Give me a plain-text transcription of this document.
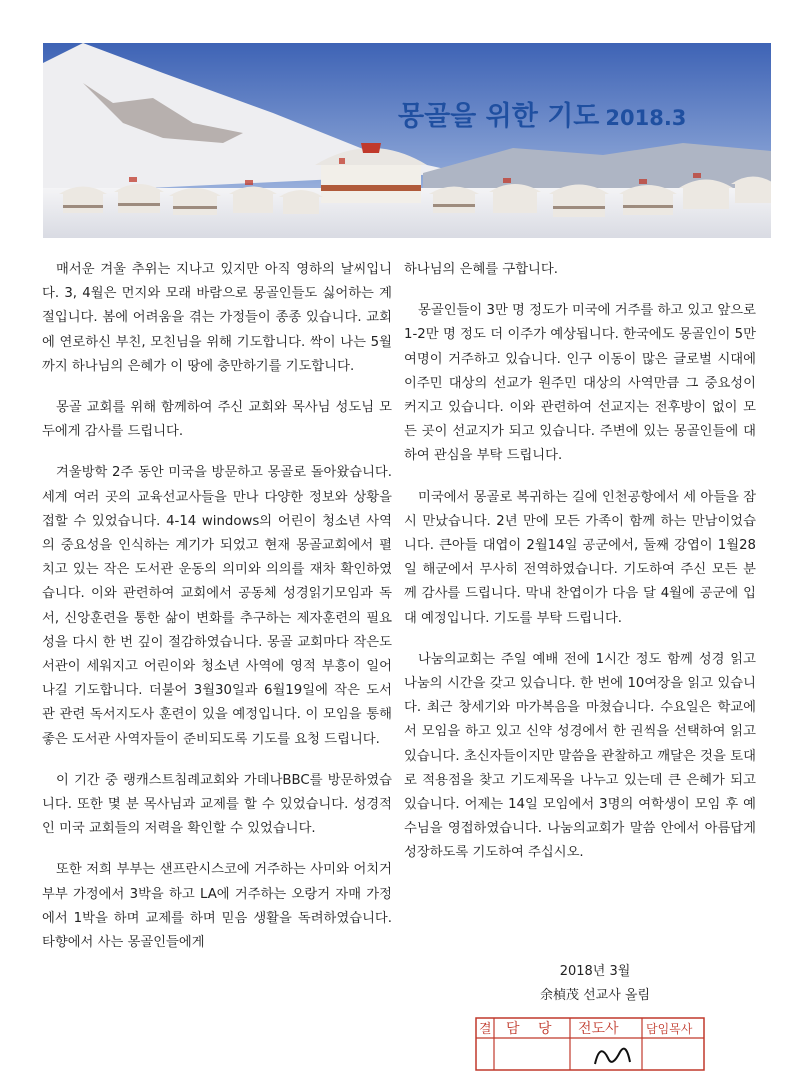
몽골을 위한 기도 2018.3

매서운 겨울 추위는 지나고 있지만 아직 영하의 날씨입니다. 3, 4월은 먼지와 모래 바람으로 몽골인들도 싫어하는 계절입니다. 봄에 어려움을 겪는 가정들이 종종 있습니다. 교회에 연로하신 부친, 모친님을 위해 기도합니다. 싹이 나는 5월까지 하나님의 은혜가 이 땅에 충만하기를 기도합니다.

몽골 교회를 위해 함께하여 주신 교회와 목사님 성도님 모두에게 감사를 드립니다.

겨울방학 2주 동안 미국을 방문하고 몽골로 돌아왔습니다. 세계 여러 곳의 교육선교사들을 만나 다양한 정보와 상황을 접할 수 있었습니다. 4-14 windows의 어린이 청소년 사역의 중요성을 인식하는 계기가 되었고 현재 몽골교회에서 펼치고 있는 작은 도서관 운동의 의미와 의의를 재차 확인하였습니다. 이와 관련하여 교회에서 공동체 성경읽기모임과 독서, 신앙훈련을 통한 삶이 변화를 추구하는 제자훈련의 필요성을 다시 한 번 깊이 절감하였습니다. 몽골 교회마다 작은도서관이 세워지고 어린이와 청소년 사역에 영적 부흥이 일어나길 기도합니다. 더불어 3월30일과 6월19일에 작은 도서관 관련 독서지도사 훈련이 있을 예정입니다. 이 모임을 통해 좋은 도서관 사역자들이 준비되도록 기도를 요청 드립니다.

이 기간 중 랭캐스트침례교회와 가데나BBC를 방문하였습니다. 또한 몇 분 목사님과 교제를 할 수 있었습니다. 성경적인 미국 교회들의 저력을 확인할 수 있었습니다.

또한 저희 부부는 샌프란시스코에 거주하는 사미와 어치거 부부 가정에서 3박을 하고 LA에 거주하는 오랑거 자매 가정에서 1박을 하며 교제를 하며 믿음 생활을 독려하였습니다. 타향에서 사는 몽골인들에게

하나님의 은혜를 구합니다.

몽골인들이 3만 명 정도가 미국에 거주를 하고 있고 앞으로 1-2만 명 정도 더 이주가 예상됩니다. 한국에도 몽골인이 5만 여명이 거주하고 있습니다. 인구 이동이 많은 글로벌 시대에 이주민 대상의 선교가 원주민 대상의 사역만큼 그 중요성이 커지고 있습니다. 이와 관련하여 선교지는 전후방이 없이 모든 곳이 선교지가 되고 있습니다. 주변에 있는 몽골인들에 대하여 관심을 부탁 드립니다.

미국에서 몽골로 복귀하는 길에 인천공항에서 세 아들을 잠시 만났습니다. 2년 만에 모든 가족이 함께 하는 만남이었습니다. 큰아들 대엽이 2월14일 공군에서, 둘째 강엽이 1월28일 해군에서 무사히 전역하였습니다. 기도하여 주신 모든 분께 감사를 드립니다. 막내 찬엽이가 다음 달 4월에 공군에 입대 예정입니다. 기도를 부탁 드립니다.

나눔의교회는 주일 예배 전에 1시간 정도 함께 성경 읽고 나눔의 시간을 갖고 있습니다. 한 번에 10여장을 읽고 있습니다. 최근 창세기와 마가복음을 마쳤습니다. 수요일은 학교에서 모임을 하고 있고 신약 성경에서 한 권씩을 선택하여 읽고 있습니다. 초신자들이지만 말씀을 관찰하고 깨달은 것을 토대로 적용점을 찾고 기도제목을 나누고 있는데 큰 은혜가 되고 있습니다. 어제는 14일 모임에서 3명의 여학생이 모임 후 예수님을 영접하였습니다. 나눔의교회가 말씀 안에서 아름답게 성장하도록 기도하여 주십시오.

2018년 3월
余楨茂 선교사 올림
결 담 당 전도사 담임목사
